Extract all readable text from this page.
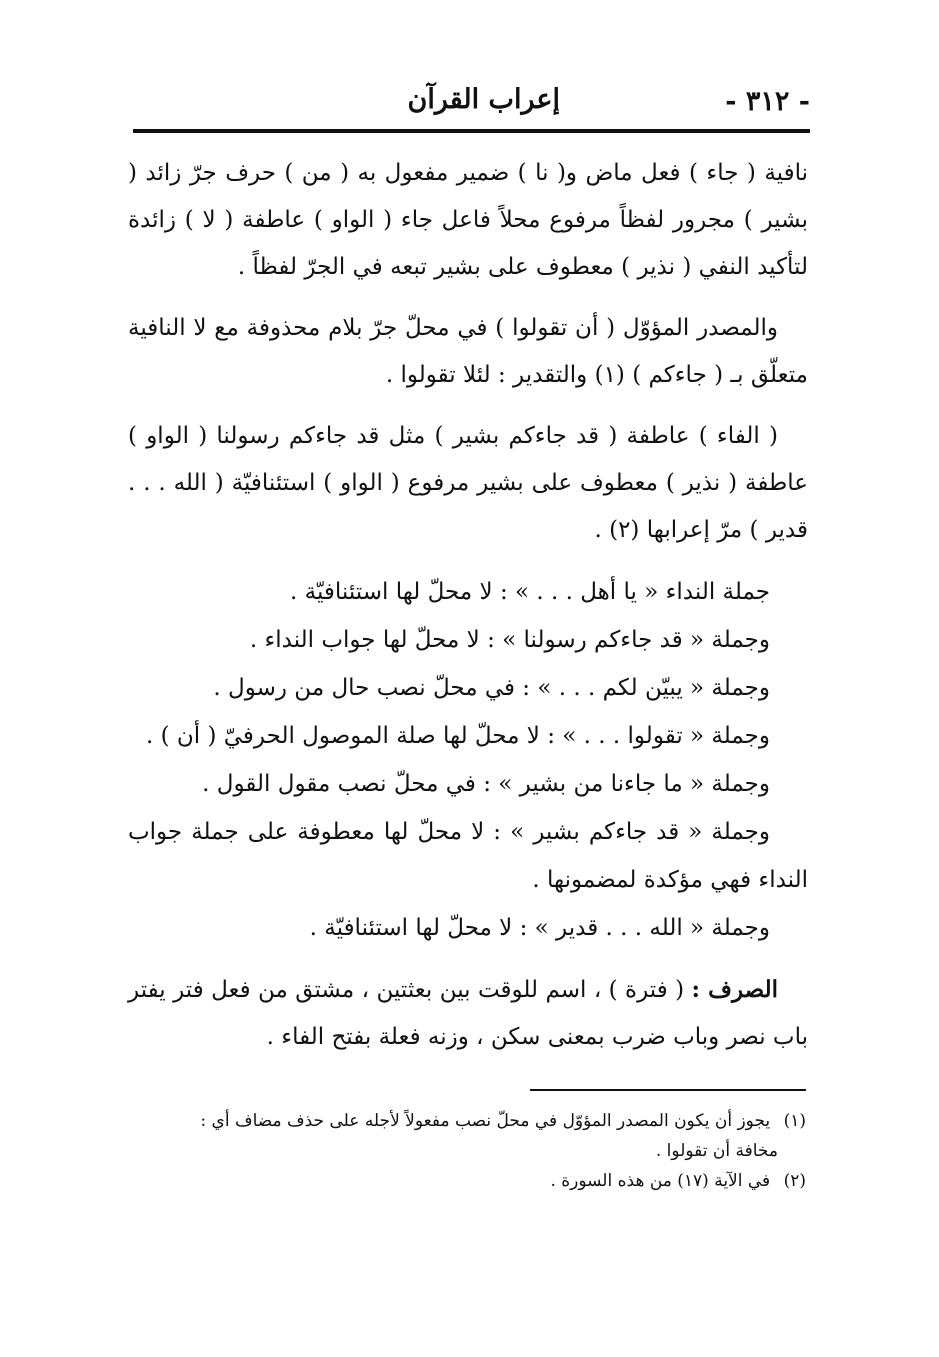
- ٣١٢ -
إعراب القرآن

نافية ( جاء ) فعل ماض و( نا ) ضمير مفعول به ( من ) حرف جرّ زائد ( بشير ) مجرور لفظاً مرفوع محلاً فاعل جاء ( الواو ) عاطفة ( لا ) زائدة لتأكيد النفي ( نذير ) معطوف على بشير تبعه في الجرّ لفظاً .

والمصدر المؤوّل ( أن تقولوا ) في محلّ جرّ بلام محذوفة مع لا النافية متعلّق بـ ( جاءكم ) (١) والتقدير : لئلا تقولوا .

( الفاء ) عاطفة ( قد جاءكم بشير ) مثل قد جاءكم رسولنا ( الواو ) عاطفة ( نذير ) معطوف على بشير مرفوع ( الواو ) استئنافيّة ( الله . . . قدير ) مرّ إعرابها (٢) .

جملة النداء « يا أهل . . . » : لا محلّ لها استئنافيّة .
وجملة « قد جاءكم رسولنا » : لا محلّ لها جواب النداء .
وجملة « يبيّن لكم . . . » : في محلّ نصب حال من رسول .
وجملة « تقولوا . . . » : لا محلّ لها صلة الموصول الحرفيّ ( أن ) .
وجملة « ما جاءنا من بشير » : في محلّ نصب مقول القول .
وجملة « قد جاءكم بشير » : لا محلّ لها معطوفة على جملة جواب النداء فهي مؤكدة لمضمونها .
وجملة « الله . . . قدير » : لا محلّ لها استئنافيّة .

الصرف : ( فترة ) ، اسم للوقت بين بعثتين ، مشتق من فعل فتر يفتر باب نصر وباب ضرب بمعنى سكن ، وزنه فعلة بفتح الفاء .

(١) يجوز أن يكون المصدر المؤوّل في محلّ نصب مفعولاً لأجله على حذف مضاف أي :

مخافة أن تقولوا .

(٢) في الآية (١٧) من هذه السورة .
